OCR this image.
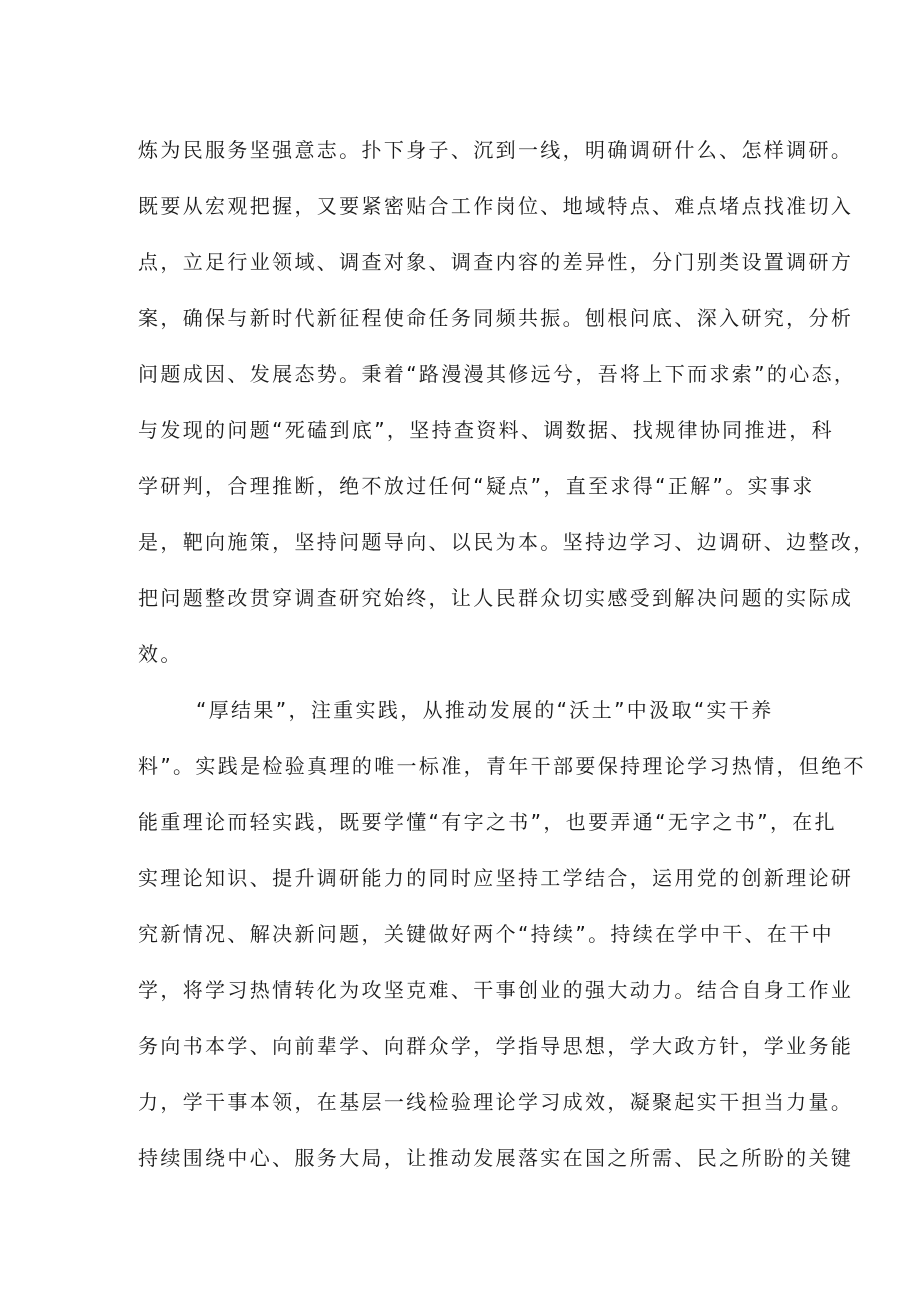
炼为民服务坚强意志。扑下身子、沉到一线，明确调研什么、怎样调研。
既要从宏观把握，又要紧密贴合工作岗位、地域特点、难点堵点找准切入
点，立足行业领域、调查对象、调查内容的差异性，分门别类设置调研方
案，确保与新时代新征程使命任务同频共振。刨根问底、深入研究，分析
问题成因、发展态势。秉着“路漫漫其修远兮，吾将上下而求索”的心态，
与发现的问题“死磕到底”，坚持查资料、调数据、找规律协同推进，科
学研判，合理推断，绝不放过任何“疑点”，直至求得“正解”。实事求
是，靶向施策，坚持问题导向、以民为本。坚持边学习、边调研、边整改，
把问题整改贯穿调查研究始终，让人民群众切实感受到解决问题的实际成
效。
“厚结果”，注重实践，从推动发展的“沃土”中汲取“实干养
料”。实践是检验真理的唯一标准，青年干部要保持理论学习热情，但绝不
能重理论而轻实践，既要学懂“有字之书”，也要弄通“无字之书”，在扎
实理论知识、提升调研能力的同时应坚持工学结合，运用党的创新理论研
究新情况、解决新问题，关键做好两个“持续”。持续在学中干、在干中
学，将学习热情转化为攻坚克难、干事创业的强大动力。结合自身工作业
务向书本学、向前辈学、向群众学，学指导思想，学大政方针，学业务能
力，学干事本领，在基层一线检验理论学习成效，凝聚起实干担当力量。
持续围绕中心、服务大局，让推动发展落实在国之所需、民之所盼的关键
